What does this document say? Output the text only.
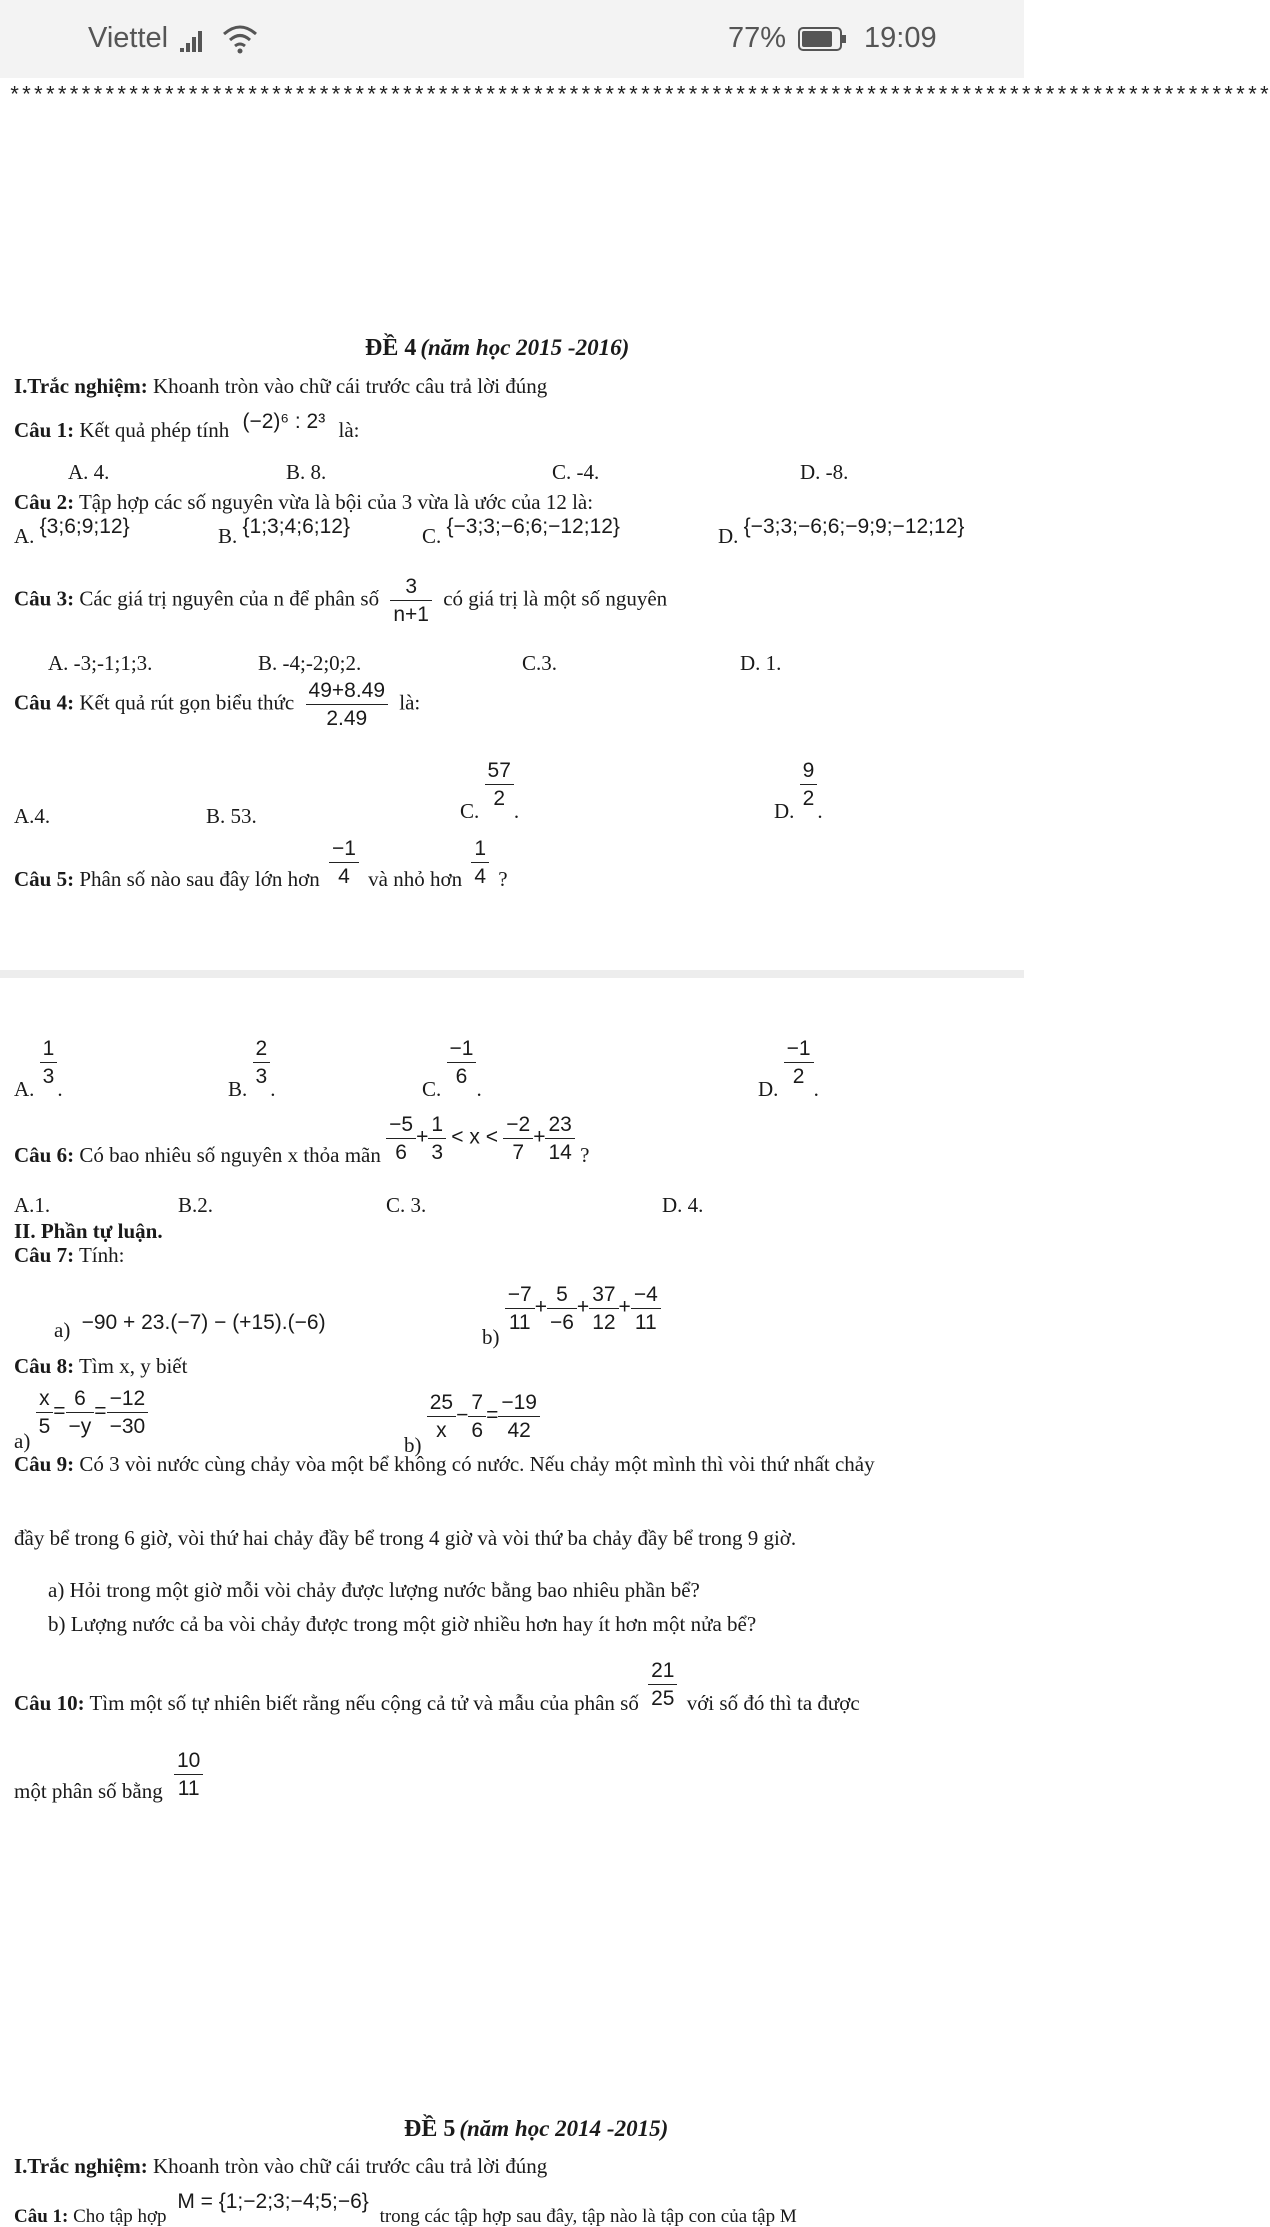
Viettel	77%	19:09
**********************************************************************************************************
ĐỀ 4 (năm học 2015 -2016)
I.Trắc nghiệm: Khoanh tròn vào chữ cái trước câu trả lời đúng
Câu 1: Kết quả phép tính (−2)⁶ : 2³ là:
A. 4.	B. 8.	C. -4.	D. -8.
Câu 2: Tập hợp các số nguyên vừa là bội của 3 vừa là ước của 12 là:
A. {3;6;9;12}	B. {1;3;4;6;12}	C. {−3;3;−6;6;−12;12}	D. {−3;3;−6;6;−9;9;−12;12}
Câu 3: Các giá trị nguyên của n để phân số $\frac{3}{n+1}$ có giá trị là một số nguyên
A. -3;-1;1;3.	B. -4;-2;0;2.	C.3.	D. 1.
Câu 4: Kết quả rút gọn biểu thức $\frac{49+8.49}{2.49}$ là:
A.4.	B. 53.	C. $\frac{57}{2}$ .	D. $\frac{9}{2}$ .
Câu 5: Phân số nào sau đây lớn hơn $\frac{-1}{4}$ và nhỏ hơn $\frac{1}{4}$ ?
A. $\frac{1}{3}$ .	B. $\frac{2}{3}$ .	C. $\frac{-1}{6}$ .	D. $\frac{-1}{2}$ .
Câu 6: Có bao nhiêu số nguyên x thỏa mãn $\frac{-5}{6} + \frac{1}{3} < x < \frac{-2}{7} + \frac{23}{14}$ ?
A.1.	B.2.	C. 3.	D. 4.
II. Phần tự luận.
Câu 7: Tính:
a) −90 + 23.(−7) − (+15).(−6)
b)
$\frac{-7}{11} + \frac{5}{-6} + \frac{37}{12} + \frac{-4}{11}$
Câu 8: Tìm x, y biết
a)
$\frac{x}{5} = \frac{6}{-y} = \frac{-12}{-30}$
b)
$\frac{25}{x} - \frac{7}{6} = \frac{-19}{42}$
Câu 9: Có 3 vòi nước cùng chảy vòa một bể không có nước. Nếu chảy một mình thì vòi thứ nhất chảy
đầy bể trong 6 giờ, vòi thứ hai chảy đầy bể trong 4 giờ và vòi thứ ba chảy đầy bể trong 9 giờ.
a) Hỏi trong một giờ mỗi vòi chảy được lượng nước bằng bao nhiêu phần bể?
b) Lượng nước cả ba vòi chảy được trong một giờ nhiều hơn hay ít hơn một nửa bể?
Câu 10: Tìm một số tự nhiên biết rằng nếu cộng cả tử và mẫu của phân số $\frac{21}{25}$ với số đó thì ta được
một phân số bằng $\frac{10}{11}$
ĐỀ 5 (năm học 2014 -2015)
I.Trắc nghiệm: Khoanh tròn vào chữ cái trước câu trả lời đúng
Câu 1: Cho tập hợp M = {1;−2;3;−4;5;−6} trong các tập hợp sau đây, tập nào là tập con của tập M
